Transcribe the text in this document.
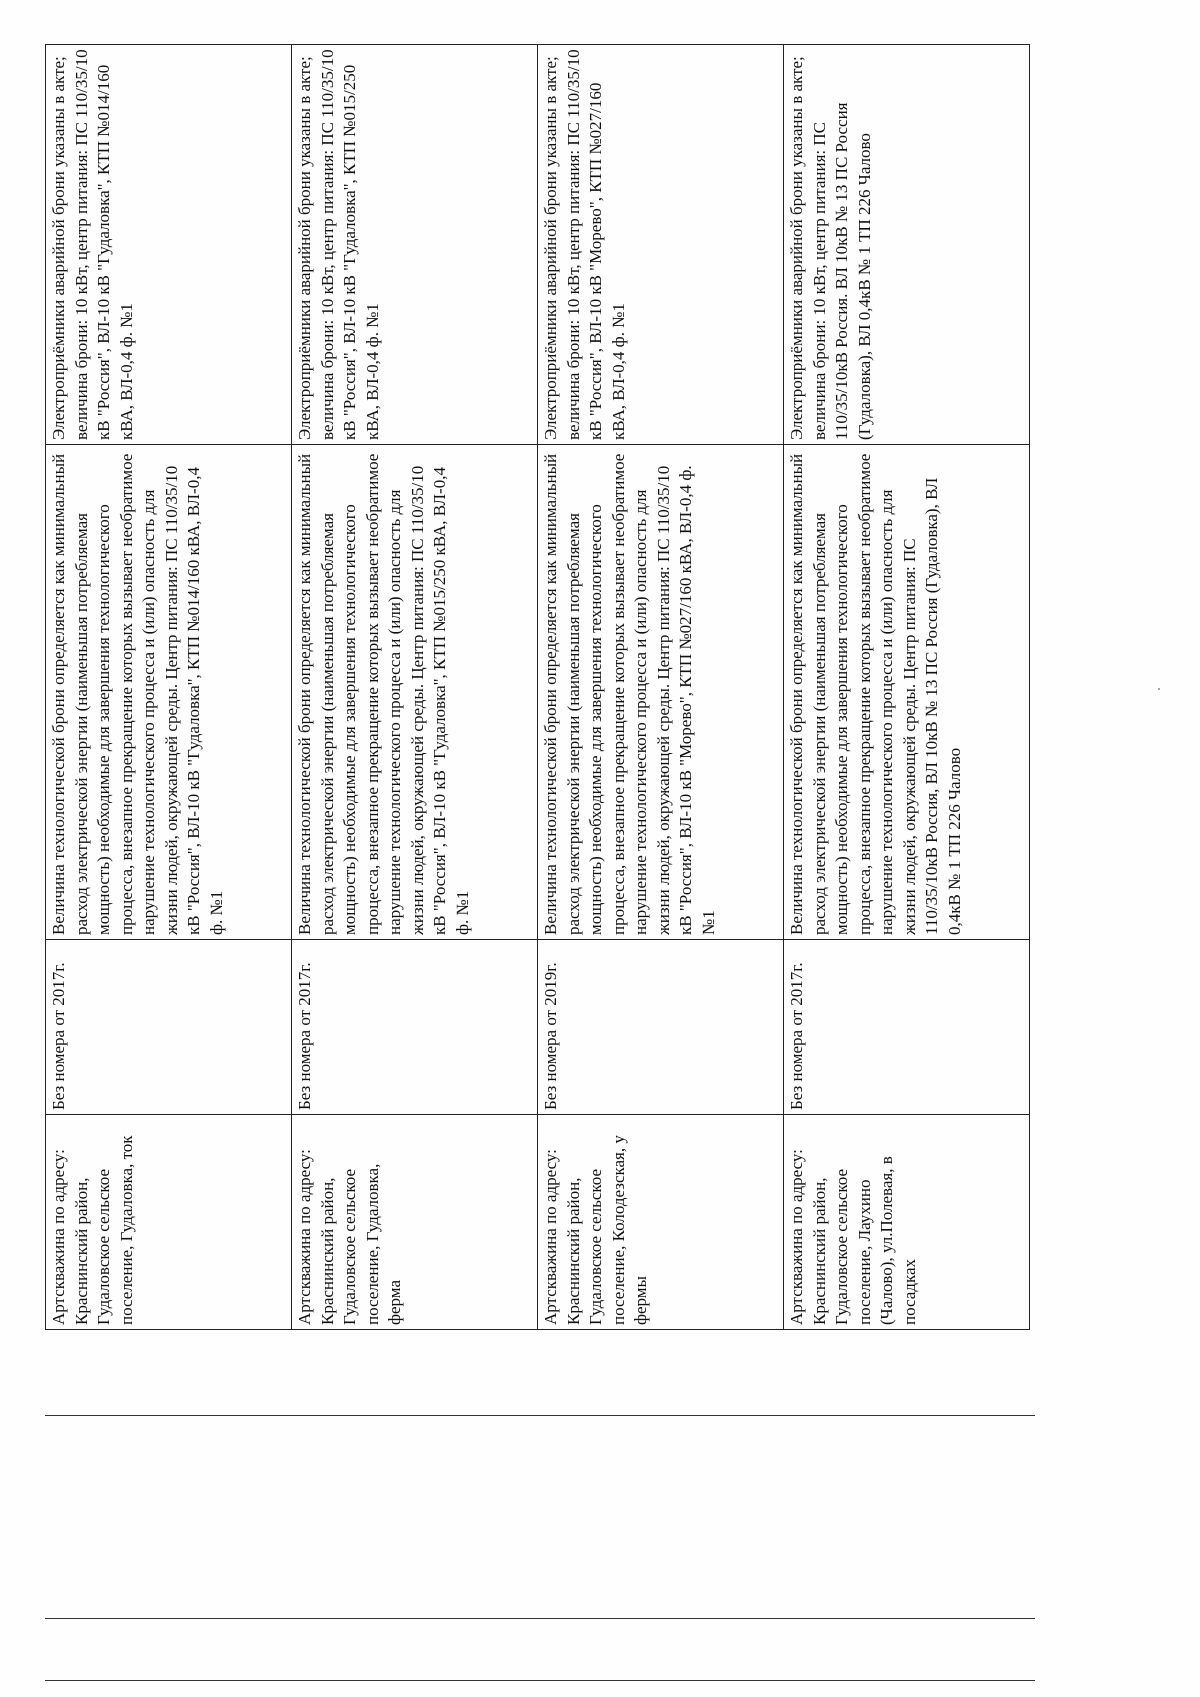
Артскважина по адресу: Краснинский район, Гудаловское сельское поселение, Гудаловка, ток	Без номера от 2017г.	Величина технологической брони определяется как минимальный расход электрической энергии (наименьшая потребляемая мощность) необходимые для завершения технологического процесса, внезапное прекращение которых вызывает необратимое нарушение технологического процесса и (или) опасность для жизни людей, окружающей среды. Центр питания: ПС 110/35/10 кВ "Россия", ВЛ-10 кВ "Гудаловка", КТП №014/160 кВА, ВЛ-0,4 ф. №1	Электроприёмники аварийной брони указаны в акте; величина брони: 10 кВт, центр питания: ПС 110/35/10 кВ "Россия", ВЛ-10 кВ "Гудаловка", КТП №014/160 кВА, ВЛ-0,4 ф. №1
Артскважина по адресу: Краснинский район, Гудаловское сельское поселение, Гудаловка, ферма	Без номера от 2017г.	Величина технологической брони определяется как минимальный расход электрической энергии (наименьшая потребляемая мощность) необходимые для завершения технологического процесса, внезапное прекращение которых вызывает необратимое нарушение технологического процесса и (или) опасность для жизни людей, окружающей среды. Центр питания: ПС 110/35/10 кВ "Россия", ВЛ-10 кВ "Гудаловка", КТП №015/250 кВА, ВЛ-0,4 ф. №1	Электроприёмники аварийной брони указаны в акте; величина брони: 10 кВт, центр питания: ПС 110/35/10 кВ "Россия", ВЛ-10 кВ "Гудаловка", КТП №015/250 кВА, ВЛ-0,4 ф. №1
Артскважина по адресу: Краснинский район, Гудаловское сельское поселение, Колодезская, у фермы	Без номера от 2019г.	Величина технологической брони определяется как минимальный расход электрической энергии (наименьшая потребляемая мощность) необходимые для завершения технологического процесса, внезапное прекращение которых вызывает необратимое нарушение технологического процесса и (или) опасность для жизни людей, окружающей среды. Центр питания: ПС 110/35/10 кВ "Россия", ВЛ-10 кВ "Морево", КТП №027/160 кВА, ВЛ-0,4 ф. №1	Электроприёмники аварийной брони указаны в акте; величина брони: 10 кВт, центр питания: ПС 110/35/10 кВ "Россия", ВЛ-10 кВ "Морево", КТП №027/160 кВА, ВЛ-0,4 ф. №1
Артскважина по адресу: Краснинский район, Гудаловское сельское поселение, Лаухино (Чалово), ул.Полевая, в посадках	Без номера от 2017г.	Величина технологической брони определяется как минимальный расход электрической энергии (наименьшая потребляемая мощность) необходимые для завершения технологического процесса, внезапное прекращение которых вызывает необратимое нарушение технологического процесса и (или) опасность для жизни людей, окружающей среды. Центр питания: ПС 110/35/10кВ Россия, ВЛ 10кВ № 13 ПС Россия (Гудаловка), ВЛ 0,4кВ № 1 ТП 226 Чалово	Электроприёмники аварийной брони указаны в акте; величина брони: 10 кВт, центр питания: ПС 110/35/10кВ Россия. ВЛ 10кВ № 13 ПС Россия (Гудаловка), ВЛ 0,4кВ № 1 ТП 226 Чалово
